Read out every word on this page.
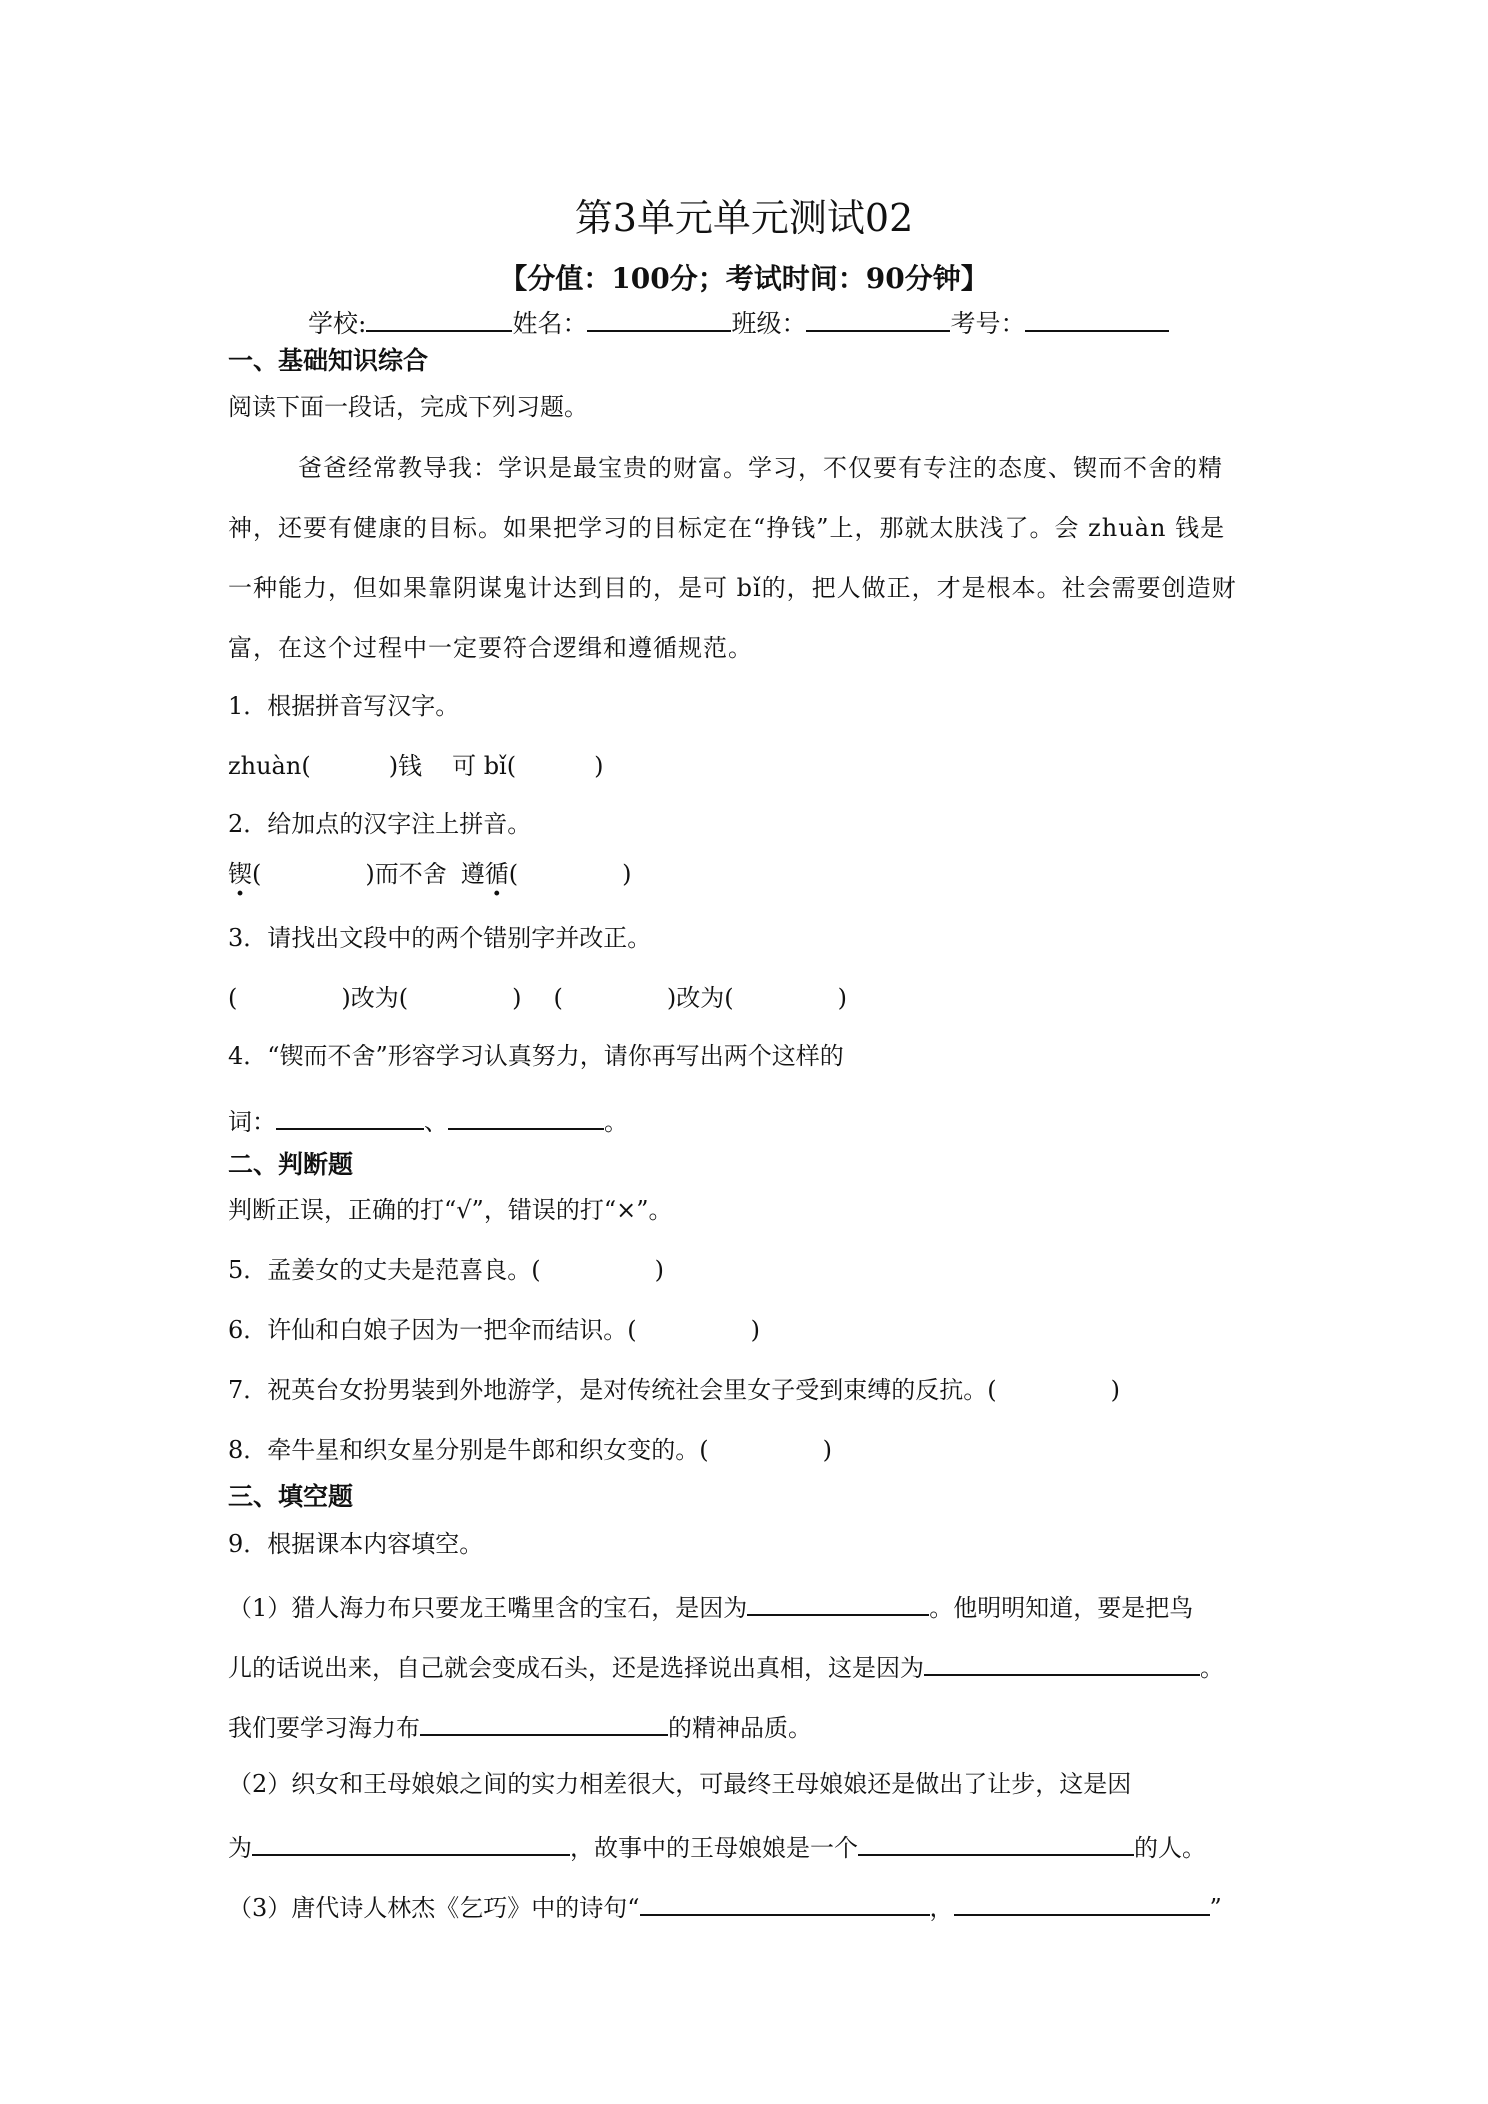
第3单元单元测试02
【分值：100分；考试时间：90分钟】
学校:	姓名：	班级：	考号：
一、基础知识综合
阅读下面一段话，完成下列习题。
爸爸经常教导我：学识是最宝贵的财富。学习，不仅要有专注的态度、锲而不舍的精
神，还要有健康的目标。如果把学习的目标定在“挣钱”上，那就太肤浅了。会 zhuàn 钱是
一种能力，但如果靠阴谋鬼计达到目的，是可 bǐ的，把人做正，才是根本。社会需要创造财
富，在这个过程中一定要符合逻缉和遵循规范。
1．根据拼音写汉字。
zhuàn(	)钱 可 bǐ(	)
2．给加点的汉字注上拼音。
锲(	)而不舍 遵循(	)
3．请找出文段中的两个错别字并改正。
(	)改为(	) (	)改为(	)
4．“锲而不舍”形容学习认真努力，请你再写出两个这样的
词：	、	。
二、判断题
判断正误，正确的打“√”，错误的打“×”。
5．孟姜女的丈夫是范喜良。(	)
6．许仙和白娘子因为一把伞而结识。(	)
7．祝英台女扮男装到外地游学，是对传统社会里女子受到束缚的反抗。(	)
8．牵牛星和织女星分别是牛郎和织女变的。(	)
三、填空题
9．根据课本内容填空。
（1）猎人海力布只要龙王嘴里含的宝石，是因为	。他明明知道，要是把鸟
儿的话说出来，自己就会变成石头，还是选择说出真相，这是因为	。
我们要学习海力布	的精神品质。
（2）织女和王母娘娘之间的实力相差很大，可最终王母娘娘还是做出了让步，这是因
为	，故事中的王母娘娘是一个	的人。
（3）唐代诗人林杰《乞巧》中的诗句“	，	”
